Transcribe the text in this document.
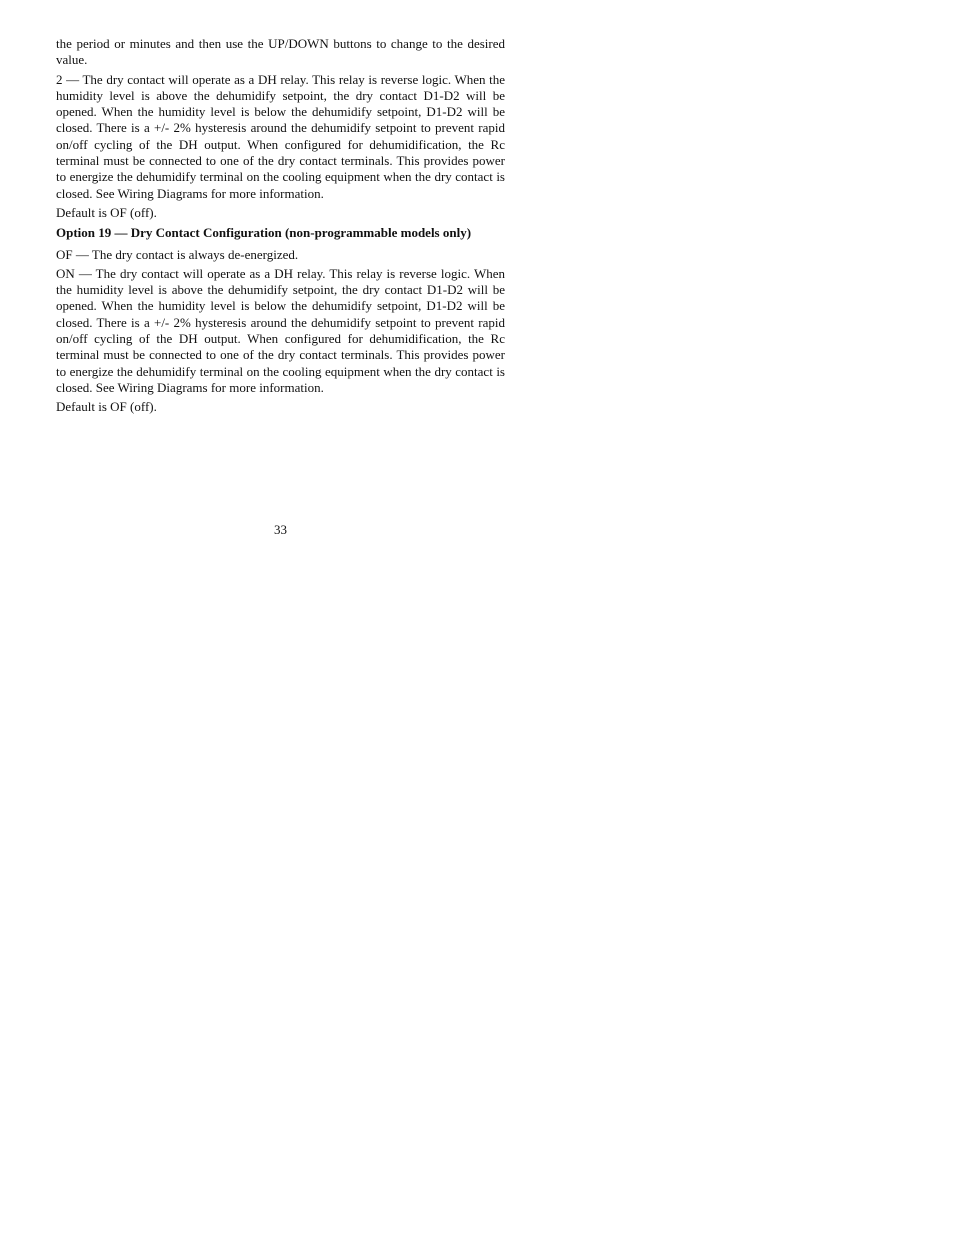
the period or minutes and then use the UP/DOWN buttons to change to the desired value.

2 — The dry contact will operate as a DH relay. This relay is reverse logic. When the humidity level is above the dehumidify setpoint, the dry contact D1-D2 will be opened. When the humidity level is below the dehumidify setpoint, D1-D2 will be closed. There is a +/- 2% hysteresis around the dehumidify setpoint to prevent rapid on/off cycling of the DH output. When configured for dehumidification, the Rc terminal must be connected to one of the dry contact terminals. This provides power to energize the dehumidify terminal on the cooling equipment when the dry contact is closed. See Wiring Diagrams for more information.

Default is OF (off).

Option 19 — Dry Contact Configuration (non-programmable models only)

OF — The dry contact is always de-energized.

ON — The dry contact will operate as a DH relay. This relay is reverse logic. When the humidity level is above the dehumidify setpoint, the dry contact D1-D2 will be opened. When the humidity level is below the dehumidify setpoint, D1-D2 will be closed. There is a +/- 2% hysteresis around the dehumidify setpoint to prevent rapid on/off cycling of the DH output. When configured for dehumidification, the Rc terminal must be connected to one of the dry contact terminals. This provides power to energize the dehumidify terminal on the cooling equipment when the dry contact is closed. See Wiring Diagrams for more information.

Default is OF (off).

33
